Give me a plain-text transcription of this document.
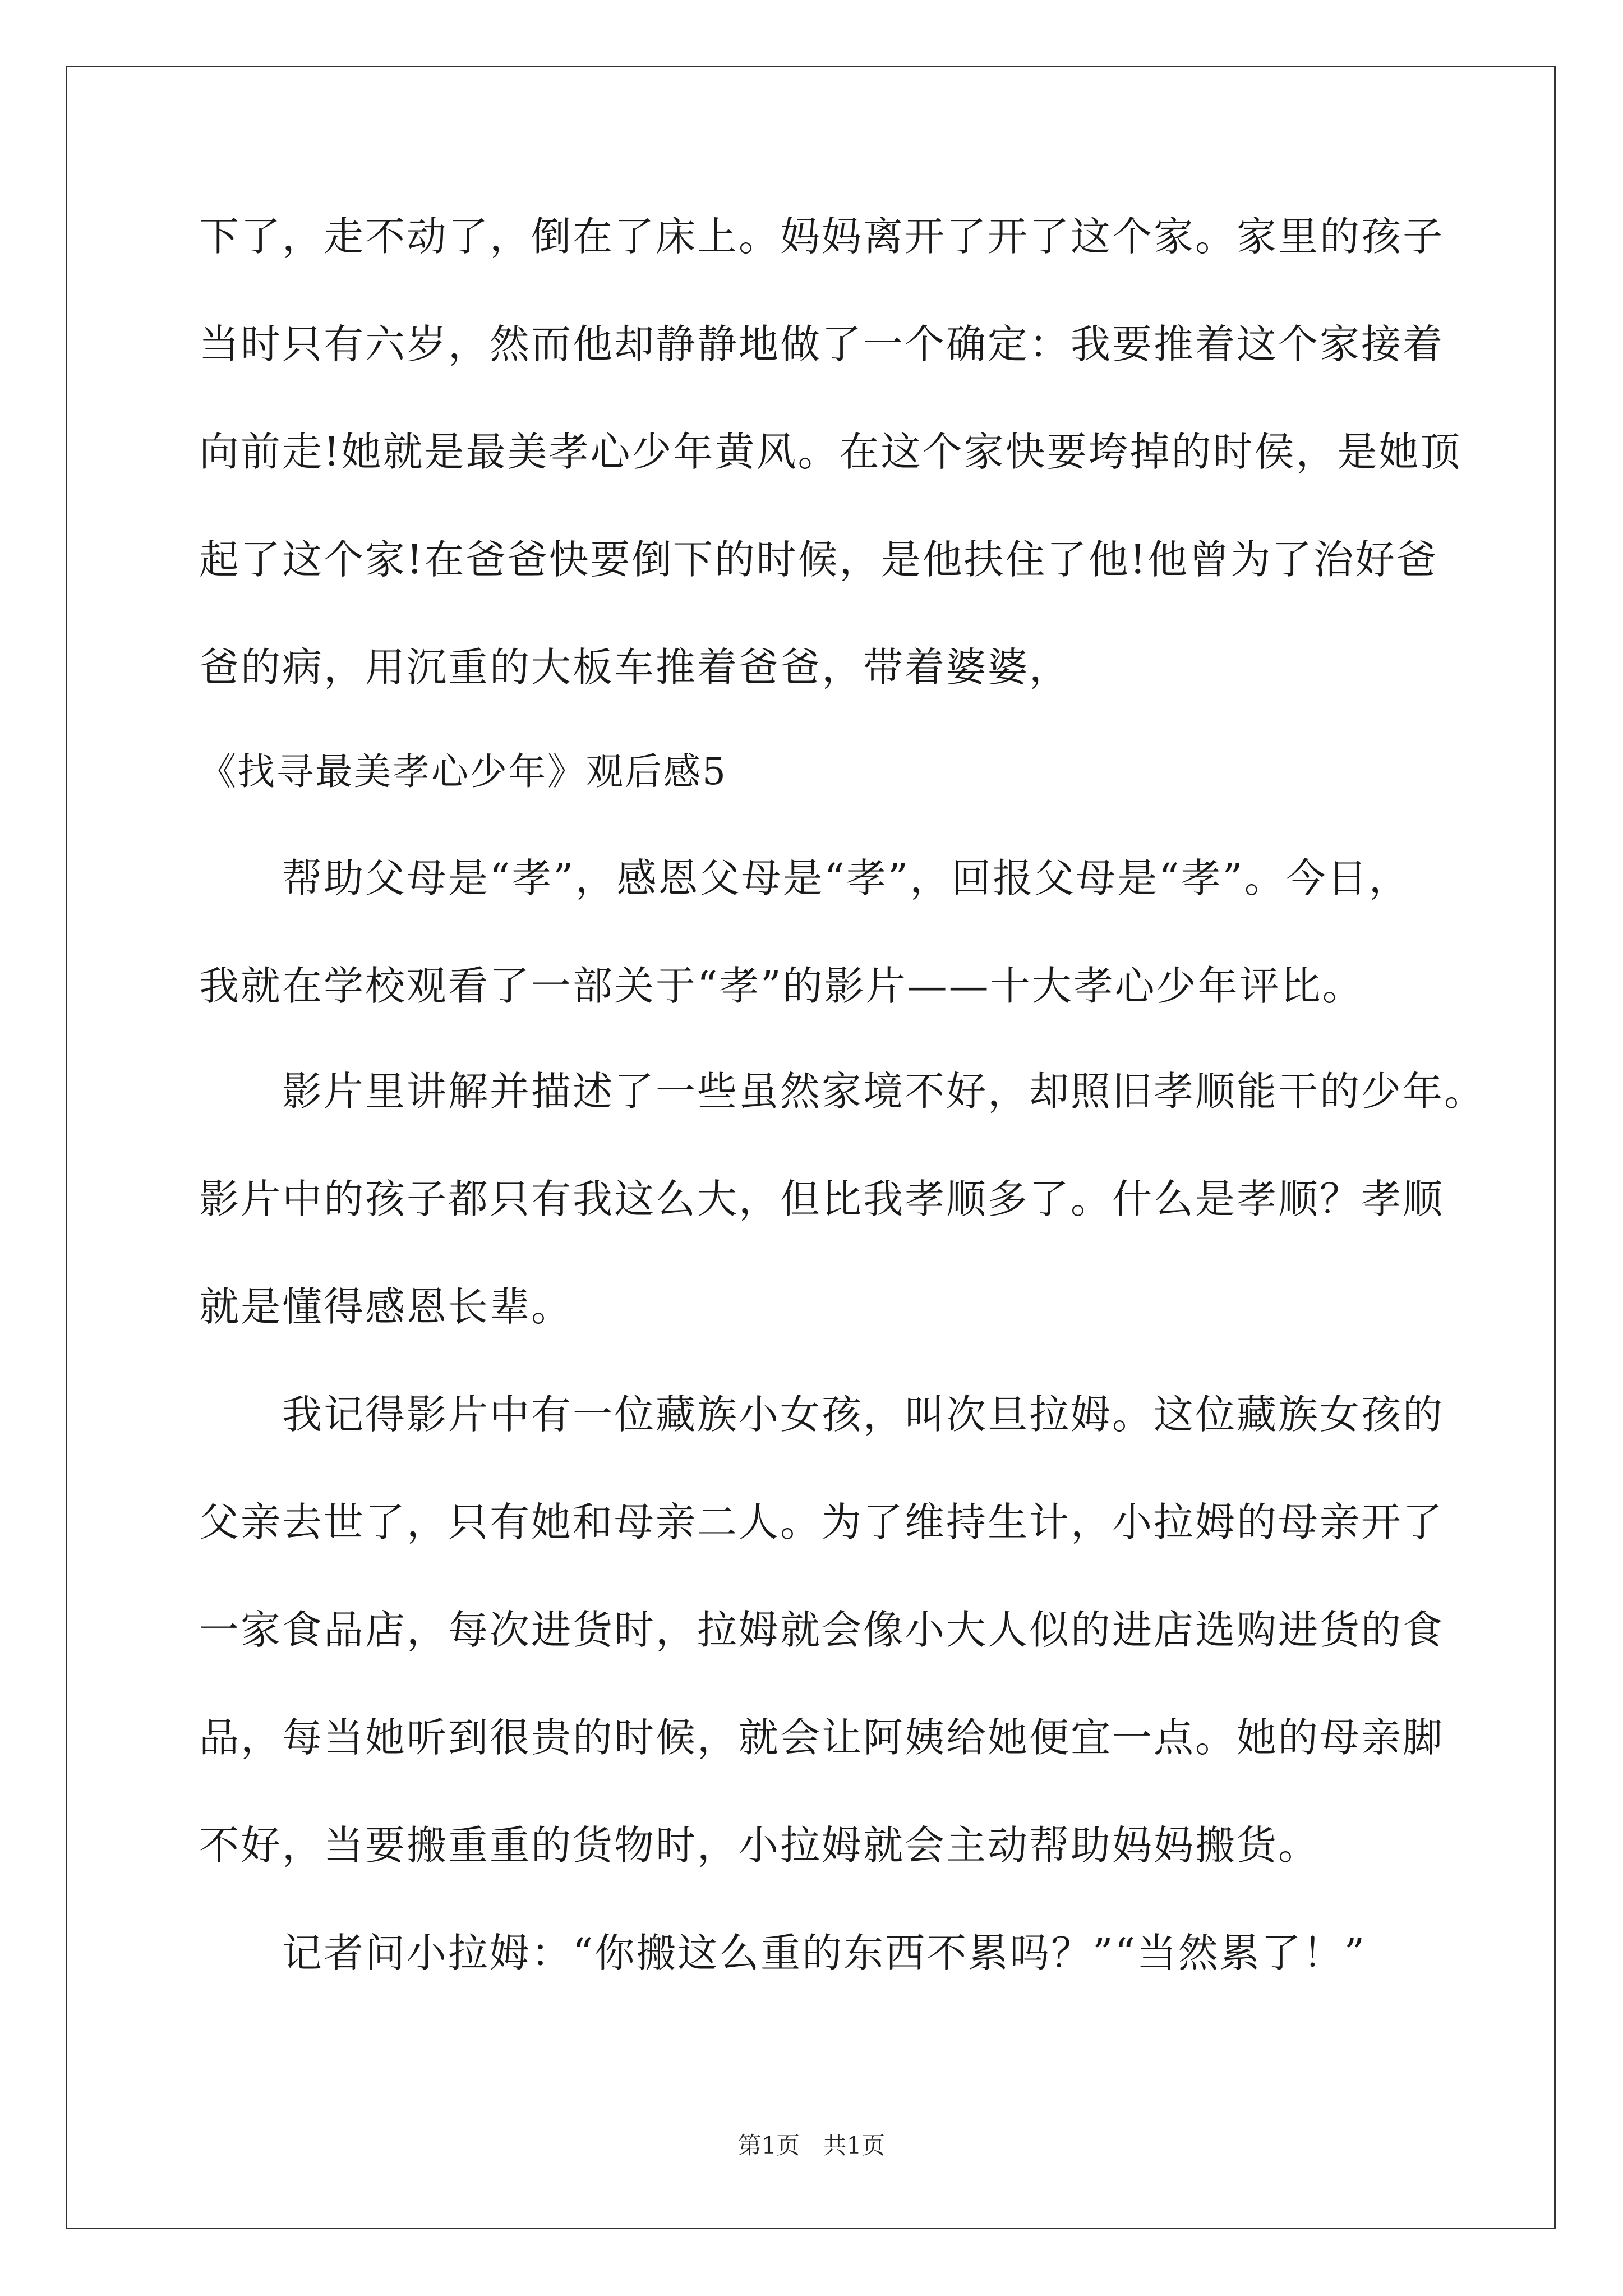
下了，走不动了，倒在了床上。妈妈离开了开了这个家。家里的孩子

当时只有六岁，然而他却静静地做了一个确定：我要推着这个家接着

向前走!她就是最美孝心少年黄风。在这个家快要垮掉的时侯，是她顶

起了这个家!在爸爸快要倒下的时候，是他扶住了他!他曾为了治好爸

爸的病，用沉重的大板车推着爸爸，带着婆婆，

《找寻最美孝心少年》观后感5

帮助父母是“孝”，感恩父母是“孝”，回报父母是“孝”。今日，

我就在学校观看了一部关于“孝”的影片——十大孝心少年评比。

影片里讲解并描述了一些虽然家境不好，却照旧孝顺能干的少年。

影片中的孩子都只有我这么大，但比我孝顺多了。什么是孝顺？孝顺

就是懂得感恩长辈。

我记得影片中有一位藏族小女孩，叫次旦拉姆。这位藏族女孩的

父亲去世了，只有她和母亲二人。为了维持生计，小拉姆的母亲开了

一家食品店，每次进货时，拉姆就会像小大人似的进店选购进货的食

品，每当她听到很贵的时候，就会让阿姨给她便宜一点。她的母亲脚

不好，当要搬重重的货物时，小拉姆就会主动帮助妈妈搬货。

记者问小拉姆：“你搬这么重的东西不累吗？”“当然累了！”

第1页 共1页
